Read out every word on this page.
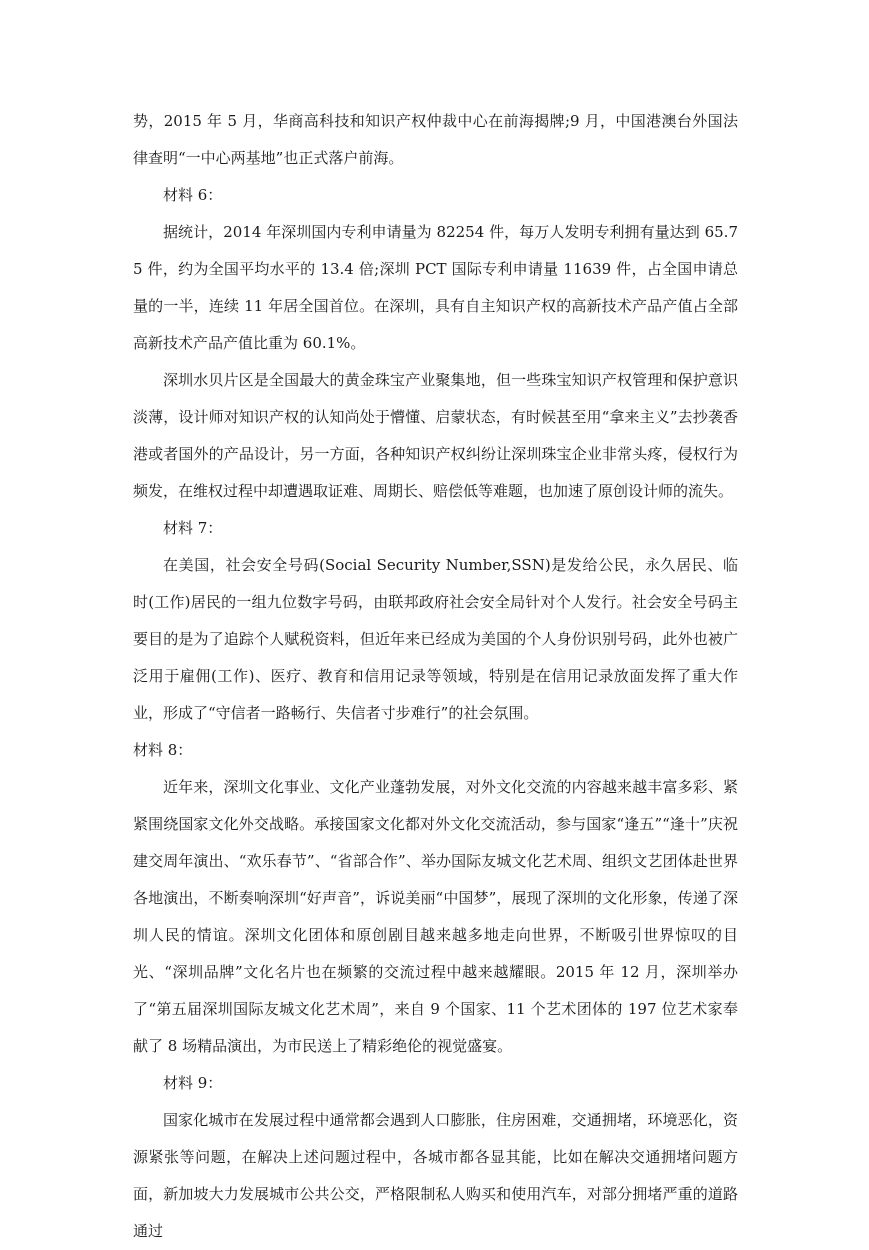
势，2015 年 5 月，华商高科技和知识产权仲裁中心在前海揭牌;9 月，中国港澳台外国法律查明“一中心两基地”也正式落户前海。

材料 6：

据统计，2014 年深圳国内专利申请量为 82254 件，每万人发明专利拥有量达到 65.75 件，约为全国平均水平的 13.4 倍;深圳 PCT 国际专利申请量 11639 件，占全国申请总量的一半，连续 11 年居全国首位。在深圳，具有自主知识产权的高新技术产品产值占全部高新技术产品产值比重为 60.1%。

深圳水贝片区是全国最大的黄金珠宝产业聚集地，但一些珠宝知识产权管理和保护意识淡薄，设计师对知识产权的认知尚处于懵懂、启蒙状态，有时候甚至用“拿来主义”去抄袭香港或者国外的产品设计，另一方面，各种知识产权纠纷让深圳珠宝企业非常头疼，侵权行为频发，在维权过程中却遭遇取证难、周期长、赔偿低等难题，也加速了原创设计师的流失。

材料 7：

在美国，社会安全号码(Social Security Number,SSN)是发给公民，永久居民、临时(工作)居民的一组九位数字号码，由联邦政府社会安全局针对个人发行。社会安全号码主要目的是为了追踪个人赋税资料，但近年来已经成为美国的个人身份识别号码，此外也被广泛用于雇佣(工作)、医疗、教育和信用记录等领域，特别是在信用记录放面发挥了重大作业，形成了“守信者一路畅行、失信者寸步难行”的社会氛围。

材料 8：

近年来，深圳文化事业、文化产业蓬勃发展，对外文化交流的内容越来越丰富多彩、紧紧围绕国家文化外交战略。承接国家文化都对外文化交流活动，参与国家“逢五”“逢十”庆祝建交周年演出、“欢乐春节”、“省部合作”、举办国际友城文化艺术周、组织文艺团体赴世界各地演出，不断奏响深圳“好声音”，诉说美丽“中国梦”，展现了深圳的文化形象，传递了深圳人民的情谊。深圳文化团体和原创剧目越来越多地走向世界，不断吸引世界惊叹的目光、“深圳品牌”文化名片也在频繁的交流过程中越来越耀眼。2015 年 12 月，深圳举办了“第五届深圳国际友城文化艺术周”，来自 9 个国家、11 个艺术团体的 197 位艺术家奉献了 8 场精品演出，为市民送上了精彩绝伦的视觉盛宴。

材料 9：

国家化城市在发展过程中通常都会遇到人口膨胀，住房困难，交通拥堵，环境恶化，资源紧张等问题，在解决上述问题过程中，各城市都各显其能，比如在解决交通拥堵问题方面，新加坡大力发展城市公共公交，严格限制私人购买和使用汽车，对部分拥堵严重的道路通过
